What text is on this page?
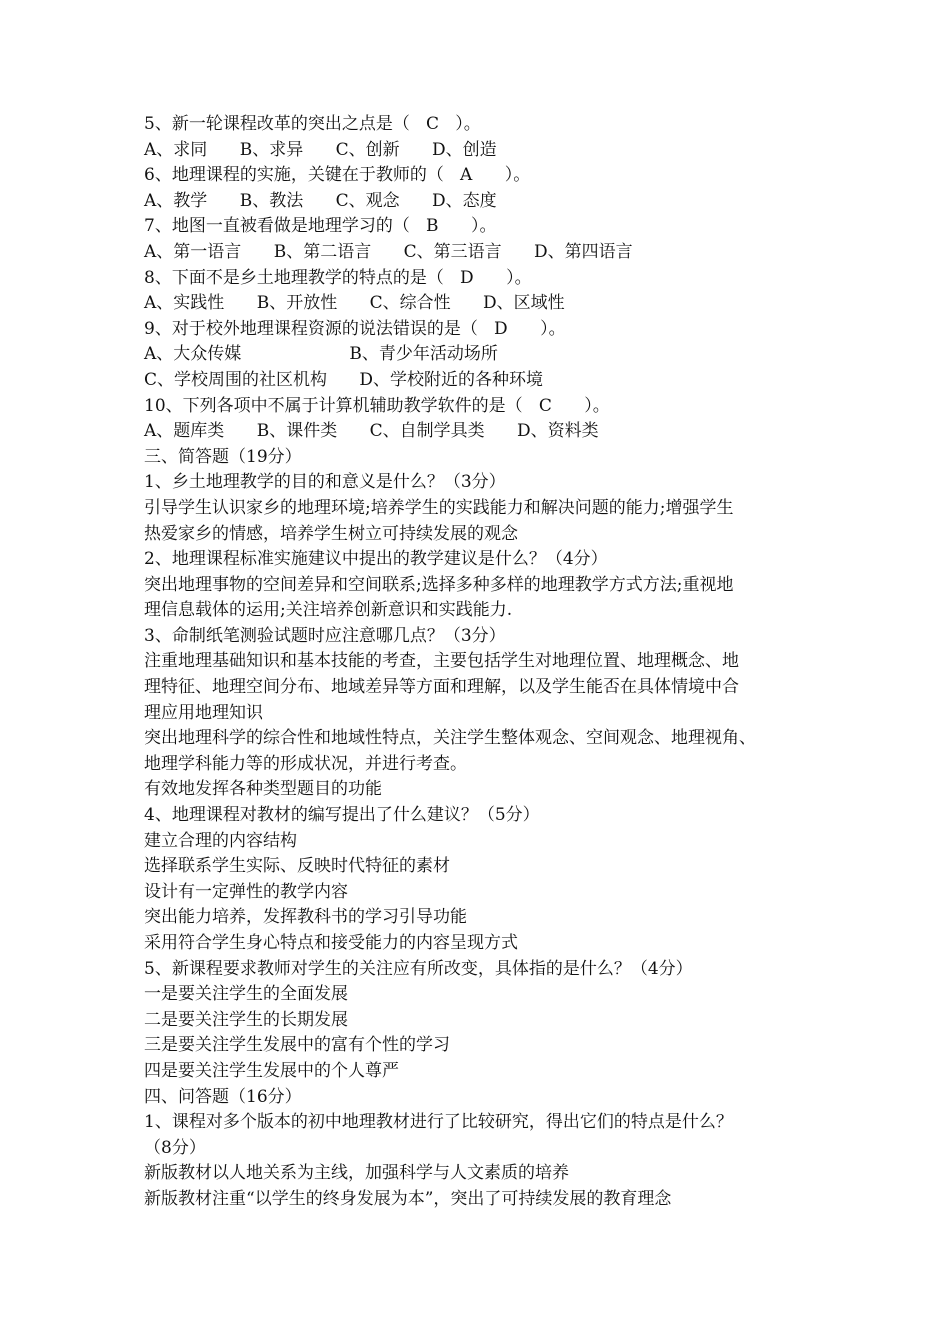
5、新一轮课程改革的突出之点是（   C   ）。
A、求同      B、求异      C、创新      D、创造
6、地理课程的实施，关键在于教师的（   A      ）。
A、教学      B、教法      C、观念      D、态度
7、地图一直被看做是地理学习的（   B      ）。
A、第一语言      B、第二语言      C、第三语言      D、第四语言
8、下面不是乡土地理教学的特点的是（   D      ）。
A、实践性      B、开放性      C、综合性      D、区域性
9、对于校外地理课程资源的说法错误的是（   D      ）。
A、大众传媒                    B、青少年活动场所
C、学校周围的社区机构      D、学校附近的各种环境
10、下列各项中不属于计算机辅助教学软件的是（   C      ）。
A、题库类      B、课件类      C、自制学具类      D、资料类
三、简答题（19分）
1、乡土地理教学的目的和意义是什么？（3分）
引导学生认识家乡的地理环境;培养学生的实践能力和解决问题的能力;增强学生
热爱家乡的情感，培养学生树立可持续发展的观念
2、地理课程标准实施建议中提出的教学建议是什么？（4分）
突出地理事物的空间差异和空间联系;选择多种多样的地理教学方式方法;重视地
理信息载体的运用;关注培养创新意识和实践能力.
3、命制纸笔测验试题时应注意哪几点？（3分）
注重地理基础知识和基本技能的考查，主要包括学生对地理位置、地理概念、地
理特征、地理空间分布、地域差异等方面和理解，以及学生能否在具体情境中合
理应用地理知识
突出地理科学的综合性和地域性特点，关注学生整体观念、空间观念、地理视角、
地理学科能力等的形成状况，并进行考查。
有效地发挥各种类型题目的功能
4、地理课程对教材的编写提出了什么建议？（5分）
建立合理的内容结构
选择联系学生实际、反映时代特征的素材
设计有一定弹性的教学内容
突出能力培养，发挥教科书的学习引导功能
采用符合学生身心特点和接受能力的内容呈现方式
5、新课程要求教师对学生的关注应有所改变，具体指的是什么？（4分）
一是要关注学生的全面发展
二是要关注学生的长期发展
三是要关注学生发展中的富有个性的学习
四是要关注学生发展中的个人尊严
四、问答题（16分）
1、课程对多个版本的初中地理教材进行了比较研究，得出它们的特点是什么？
（8分）
新版教材以人地关系为主线，加强科学与人文素质的培养
新版教材注重“以学生的终身发展为本”，突出了可持续发展的教育理念
